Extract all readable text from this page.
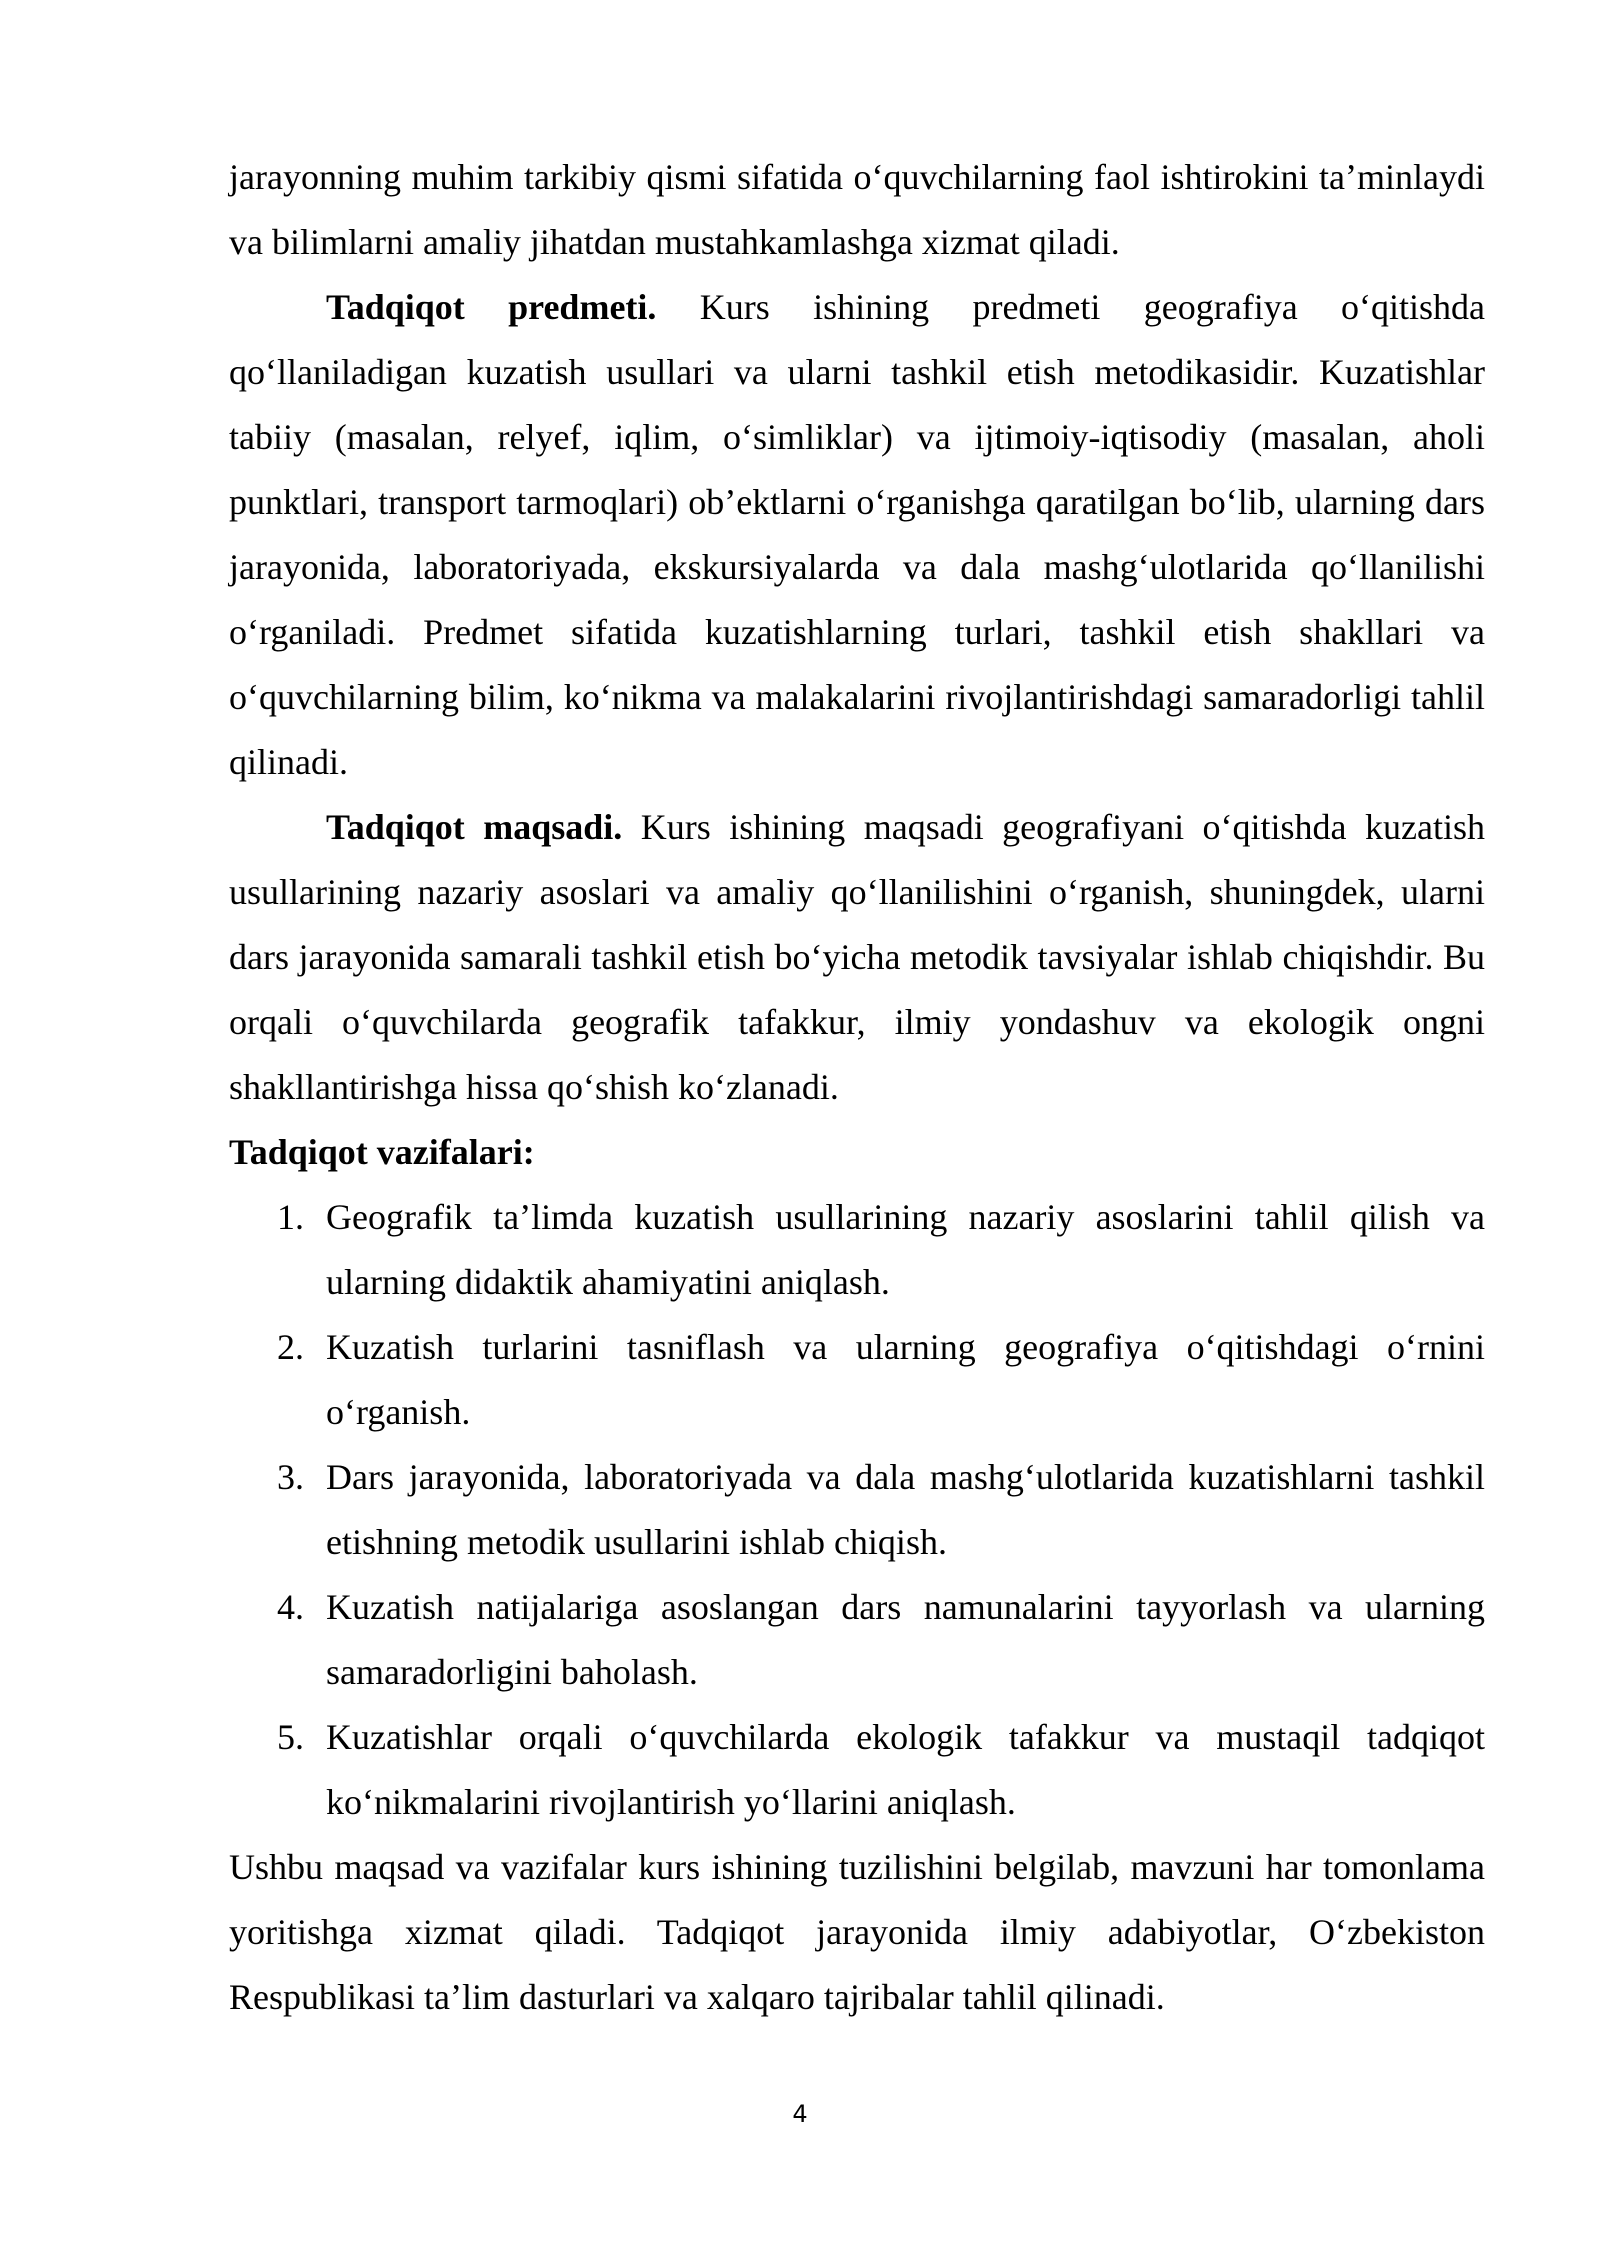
jarayonning muhim tarkibiy qismi sifatida oʻquvchilarning faol ishtirokini taʼminlaydi va bilimlarni amaliy jihatdan mustahkamlashga xizmat qiladi.

Tadqiqot predmeti. Kurs ishining predmeti geografiya oʻqitishda qoʻllaniladigan kuzatish usullari va ularni tashkil etish metodikasidir. Kuzatishlar tabiiy (masalan, relyef, iqlim, oʻsimliklar) va ijtimoiy-iqtisodiy (masalan, aholi punktlari, transport tarmoqlari) obʼektlarni oʻrganishga qaratilgan boʻlib, ularning dars jarayonida, laboratoriyada, ekskursiyalarda va dala mashgʻulotlarida qoʻllanilishi oʻrganiladi. Predmet sifatida kuzatishlarning turlari, tashkil etish shakllari va oʻquvchilarning bilim, koʻnikma va malakalarini rivojlantirishdagi samaradorligi tahlil qilinadi.

Tadqiqot maqsadi. Kurs ishining maqsadi geografiyani oʻqitishda kuzatish usullarining nazariy asoslari va amaliy qoʻllanilishini oʻrganish, shuningdek, ularni dars jarayonida samarali tashkil etish boʻyicha metodik tavsiyalar ishlab chiqishdir. Bu orqali oʻquvchilarda geografik tafakkur, ilmiy yondashuv va ekologik ongni shakllantirishga hissa qoʻshish koʻzlanadi.

Tadqiqot vazifalari:
1. Geografik taʼlimda kuzatish usullarining nazariy asoslarini tahlil qilish va ularning didaktik ahamiyatini aniqlash.
2. Kuzatish turlarini tasniflash va ularning geografiya oʻqitishdagi oʻrnini oʻrganish.
3. Dars jarayonida, laboratoriyada va dala mashgʻulotlarida kuzatishlarni tashkil etishning metodik usullarini ishlab chiqish.
4. Kuzatish natijalariga asoslangan dars namunalarini tayyorlash va ularning samaradorligini baholash.
5. Kuzatishlar orqali oʻquvchilarda ekologik tafakkur va mustaqil tadqiqot koʻnikmalarini rivojlantirish yoʻllarini aniqlash.

Ushbu maqsad va vazifalar kurs ishining tuzilishini belgilab, mavzuni har tomonlama yoritishga xizmat qiladi. Tadqiqot jarayonida ilmiy adabiyotlar, Oʻzbekiston Respublikasi taʼlim dasturlari va xalqaro tajribalar tahlil qilinadi.

4
